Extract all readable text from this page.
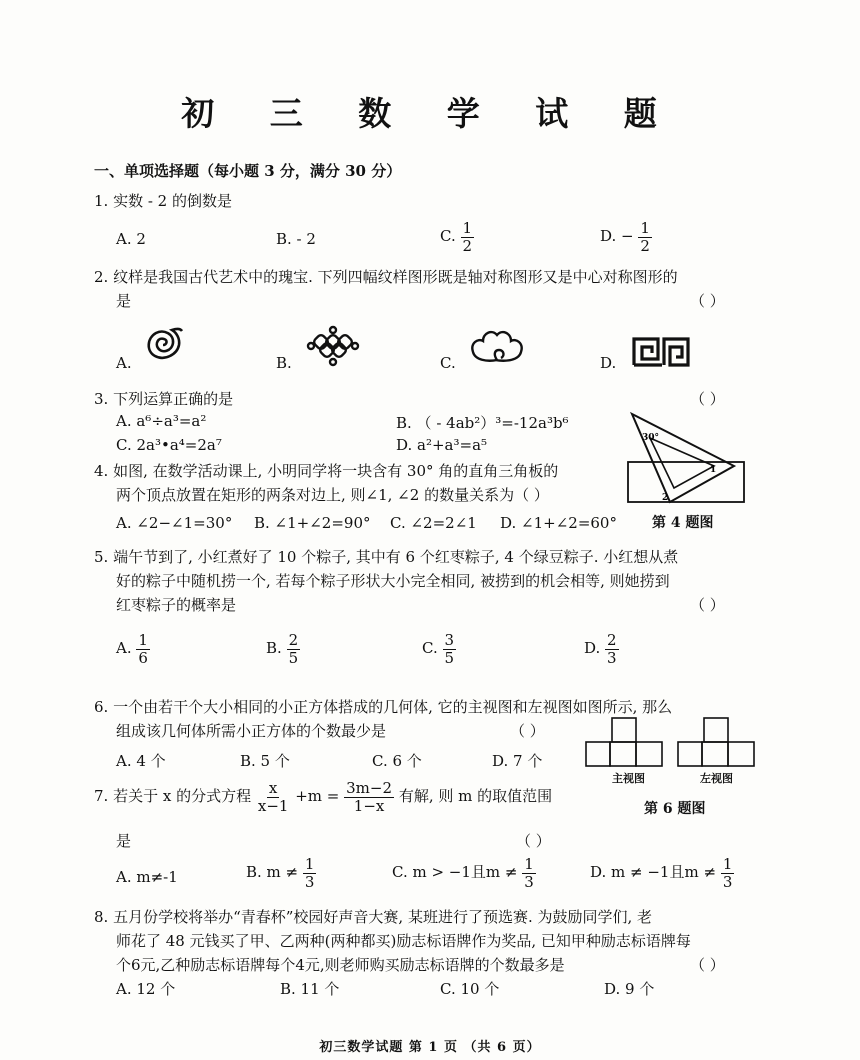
初 三 数 学 试 题
一、单项选择题（每小题 3 分，满分 30 分）
1. 实数 - 2 的倒数是
A. 2	B. - 2	C. $\frac{1}{2}$	D. − $\frac{1}{2}$
2. 纹样是我国古代艺术中的瑰宝. 下列四幅纹样图形既是轴对称图形又是中心对称图形的
是	（ ）
A.	B.	C.	D.
3. 下列运算正确的是	（ ）
A. a⁶÷a³=a²	B. （ - 4ab²）³=-12a³b⁶
C. 2a³•a⁴=2a⁷	D. a²+a³=a⁵	30°
1
2
第 4 题图
4. 如图, 在数学活动课上, 小明同学将一块含有 30° 角的直角三角板的
两个顶点放置在矩形的两条对边上, 则∠1, ∠2 的数量关系为（ ）
A. ∠2−∠1=30° B. ∠1+∠2=90° C. ∠2=2∠1 D. ∠1+∠2=60°
5. 端午节到了, 小红煮好了 10 个粽子, 其中有 6 个红枣粽子, 4 个绿豆粽子. 小红想从煮
好的粽子中随机捞一个, 若每个粽子形状大小完全相同, 被捞到的机会相等, 则她捞到
红枣粽子的概率是	（ ）
A. $\frac{1}{6}$	B. $\frac{2}{5}$	C. $\frac{3}{5}$	D. $\frac{2}{3}$
6. 一个由若干个大小相同的小正方体搭成的几何体, 它的主视图和左视图如图所示, 那么
组成该几何体所需小正方体的个数最少是	（ ）
A. 4 个	B. 5 个	C. 6 个	D. 7 个
主视图	左视图
第 6 题图
7. 若关于 x 的分式方程 $\frac{x}{x-1} +m = \frac{3m-2}{1-x}$ 有解, 则 m 的取值范围
是	（ ）
A. m≠-1	B. $m \ne \frac{1}{3}$	C. m > −1且$m \ne \frac{1}{3}$	D. m ≠ −1且$m \ne \frac{1}{3}$
8. 五月份学校将举办“青春杯”校园好声音大赛, 某班进行了预选赛. 为鼓励同学们, 老
师花了 48 元钱买了甲、乙两种(两种都买)励志标语牌作为奖品, 已知甲种励志标语牌每
个6元,乙种励志标语牌每个4元,则老师购买励志标语牌的个数最多是	（ ）
A. 12 个	B. 11 个	C. 10 个	D. 9 个
初三数学试题 第 1 页 （共 6 页）
